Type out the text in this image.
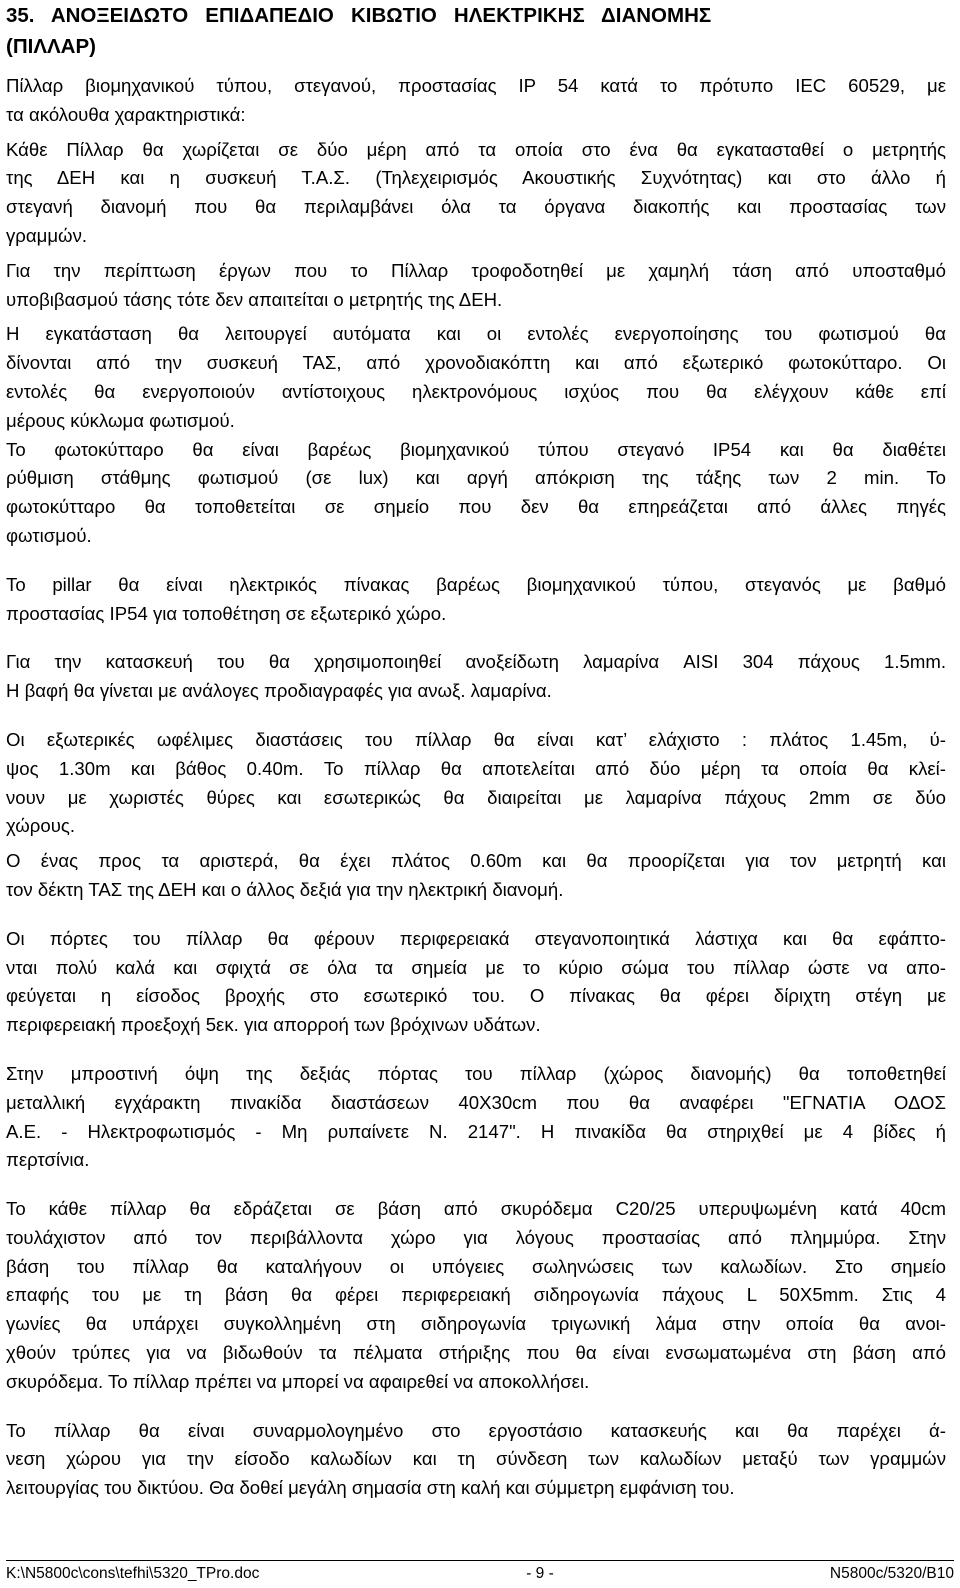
35.   ΑΝΟΞΕΙΔΩΤΟ   ΕΠΙΔΑΠΕΔΙΟ   ΚΙΒΩΤΙΟ   ΗΛΕΚΤΡΙΚΗΣ   ΔΙΑΝΟΜΗΣ
(ΠΙΛΛΑΡ)

Πίλλαρ βιομηχανικού τύπου, στεγανού, προστασίας IP 54 κατά το πρότυπο IEC 60529, με
τα ακόλουθα χαρακτηριστικά:

Κάθε Πίλλαρ θα χωρίζεται σε δύο μέρη από τα οποία στο ένα θα εγκατασταθεί ο μετρητής
της ΔΕΗ και η συσκευή Τ.Α.Σ. (Τηλεχειρισμός Ακουστικής Συχνότητας) και στο άλλο ή
στεγανή διανομή που θα περιλαμβάνει όλα τα όργανα διακοπής και προστασίας των
γραμμών.

Για την περίπτωση έργων που το Πίλλαρ τροφοδοτηθεί με χαμηλή τάση από υποσταθμό
υποβιβασμού τάσης τότε δεν απαιτείται ο μετρητής της ΔΕΗ.

Η εγκατάσταση θα λειτουργεί αυτόματα και οι εντολές ενεργοποίησης του φωτισμού θα
δίνονται από την συσκευή ΤΑΣ, από χρονοδιακόπτη και από εξωτερικό φωτοκύτταρο. Οι
εντολές θα ενεργοποιούν αντίστοιχους ηλεκτρονόμους ισχύος που θα ελέγχουν κάθε επί
μέρους κύκλωμα φωτισμού.

Το φωτοκύτταρο θα είναι βαρέως βιομηχανικού τύπου στεγανό IP54 και θα διαθέτει
ρύθμιση στάθμης φωτισμού (σε lux) και αργή απόκριση της τάξης των 2 min. Το
φωτοκύτταρο θα τοποθετείται σε σημείο που δεν θα επηρεάζεται από άλλες πηγές
φωτισμού.

Το pillar θα είναι ηλεκτρικός πίνακας βαρέως βιομηχανικού τύπου, στεγανός με βαθμό
προστασίας IP54 για τοποθέτηση σε εξωτερικό χώρο.

Για την κατασκευή του θα χρησιμοποιηθεί ανοξείδωτη λαμαρίνα AISI 304 πάχους 1.5mm.
Η βαφή θα γίνεται με ανάλογες προδιαγραφές για ανωξ. λαμαρίνα.

Οι εξωτερικές ωφέλιμες διαστάσεις του πίλλαρ θα είναι κατ’ ελάχιστο : πλάτος 1.45m, ύ-
ψος 1.30m και βάθος 0.40m. Το πίλλαρ θα αποτελείται από δύο μέρη τα οποία θα κλεί-
νουν με χωριστές θύρες και εσωτερικώς θα διαιρείται με λαμαρίνα πάχους 2mm σε δύο
χώρους.

Ο ένας προς τα αριστερά, θα έχει πλάτος 0.60m και θα προορίζεται για τον μετρητή και
τον δέκτη ΤΑΣ της ΔΕΗ και ο άλλος δεξιά για την ηλεκτρική διανομή.

Οι πόρτες του πίλλαρ θα φέρουν περιφερειακά στεγανοποιητικά λάστιχα και θα εφάπτο-
νται πολύ καλά και σφιχτά σε όλα τα σημεία με το κύριο σώμα του πίλλαρ ώστε να απο-
φεύγεται η είσοδος βροχής στο εσωτερικό του. Ο πίνακας θα φέρει δίριχτη στέγη με
περιφερειακή προεξοχή 5εκ. για απορροή των βρόχινων υδάτων.

Στην μπροστινή όψη της δεξιάς πόρτας του πίλλαρ (χώρος διανομής) θα τοποθετηθεί
μεταλλική εγχάρακτη πινακίδα διαστάσεων 40Χ30cm που θα αναφέρει "ΕΓΝΑΤΙΑ ΟΔΟΣ
Α.Ε. - Ηλεκτροφωτισμός - Μη ρυπαίνετε Ν. 2147". Η πινακίδα θα στηριχθεί με 4 βίδες ή
περτσίνια.

Το κάθε πίλλαρ θα εδράζεται σε βάση από σκυρόδεμα C20/25 υπερυψωμένη κατά 40cm
τουλάχιστον από τον περιβάλλοντα χώρο για λόγους προστασίας από πλημμύρα. Στην
βάση του πίλλαρ θα καταλήγουν οι υπόγειες σωληνώσεις των καλωδίων. Στο σημείο
επαφής του με τη βάση θα φέρει περιφερειακή σιδηρογωνία πάχους L 50Χ5mm. Στις 4
γωνίες θα υπάρχει συγκολλημένη στη σιδηρογωνία τριγωνική λάμα στην οποία θα ανοι-
χθούν τρύπες για να βιδωθούν τα πέλματα στήριξης που θα είναι ενσωματωμένα στη βάση από
σκυρόδεμα. Το πίλλαρ πρέπει να μπορεί να αφαιρεθεί να αποκολλήσει.

Το πίλλαρ θα είναι συναρμολογημένο στο εργοστάσιο κατασκευής και θα παρέχει ά-
νεση χώρου για την είσοδο καλωδίων και τη σύνδεση των καλωδίων μεταξύ των γραμμών
λειτουργίας του δικτύου. Θα δοθεί μεγάλη σημασία στη καλή και σύμμετρη εμφάνιση του.

K:\N5800c\cons\tefhi\5320_TPro.doc	- 9 -	N5800c/5320/B10
